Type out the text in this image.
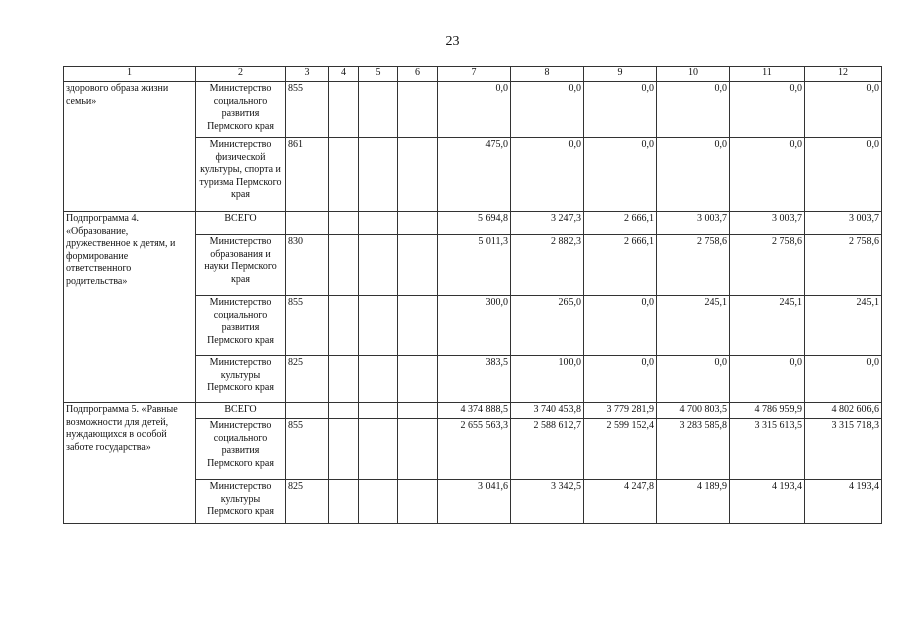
23
1	2	3	4	5	6	7	8	9	10	11	12
здорового образа жизни семьи»	Министерство социального развития Пермского края	855				0,0	0,0	0,0	0,0	0,0	0,0
	Министерство физической культуры, спорта и туризма Пермского края	861				475,0	0,0	0,0	0,0	0,0	0,0
Подпрограмма 4. «Образование, дружественное к детям, и формирование ответственного родительства»	ВСЕГО					5 694,8	3 247,3	2 666,1	3 003,7	3 003,7	3 003,7
	Министерство образования и науки Пермского края	830				5 011,3	2 882,3	2 666,1	2 758,6	2 758,6	2 758,6
	Министерство социального развития Пермского края	855				300,0	265,0	0,0	245,1	245,1	245,1
	Министерство культуры Пермского края	825				383,5	100,0	0,0	0,0	0,0	0,0
Подпрограмма 5. «Равные возможности для детей, нуждающихся в особой заботе государства»	ВСЕГО					4 374 888,5	3 740 453,8	3 779 281,9	4 700 803,5	4 786 959,9	4 802 606,6
	Министерство социального развития Пермского края	855				2 655 563,3	2 588 612,7	2 599 152,4	3 283 585,8	3 315 613,5	3 315 718,3
	Министерство культуры Пермского края	825				3 041,6	3 342,5	4 247,8	4 189,9	4 193,4	4 193,4
